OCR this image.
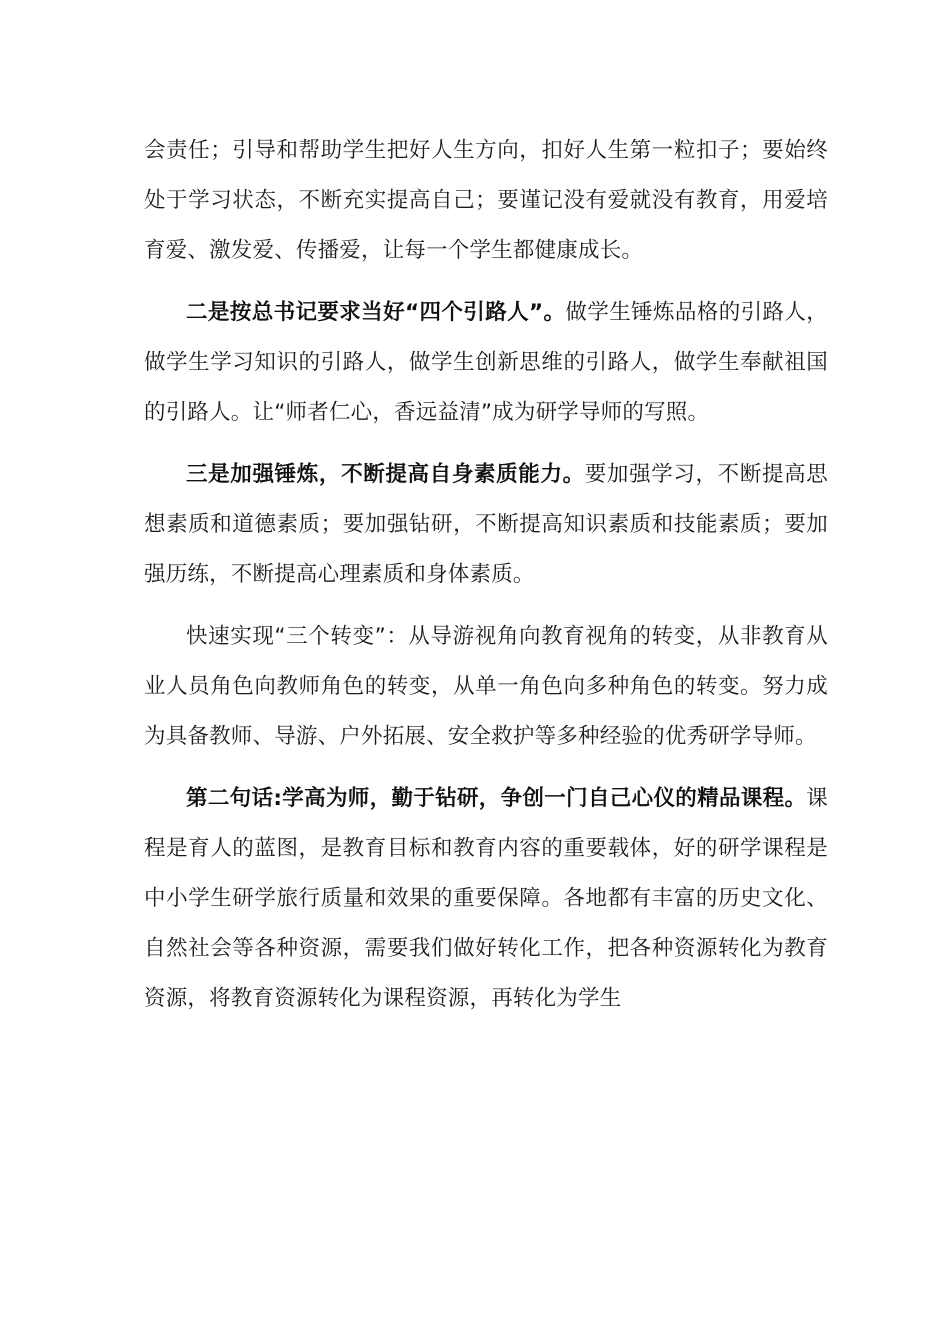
会责任；引导和帮助学生把好人生方向，扣好人生第一粒扣子；要始终处于学习状态，不断充实提高自己；要谨记没有爱就没有教育，用爱培育爱、激发爱、传播爱，让每一个学生都健康成长。

二是按总书记要求当好“四个引路人”。做学生锤炼品格的引路人，做学生学习知识的引路人，做学生创新思维的引路人，做学生奉献祖国的引路人。让“师者仁心，香远益清”成为研学导师的写照。

三是加强锤炼，不断提高自身素质能力。要加强学习，不断提高思想素质和道德素质；要加强钻研，不断提高知识素质和技能素质；要加强历练，不断提高心理素质和身体素质。

快速实现“三个转变”：从导游视角向教育视角的转变，从非教育从业人员角色向教师角色的转变，从单一角色向多种角色的转变。努力成为具备教师、导游、户外拓展、安全救护等多种经验的优秀研学导师。

第二句话:学高为师，勤于钻研，争创一门自己心仪的精品课程。课程是育人的蓝图，是教育目标和教育内容的重要载体，好的研学课程是中小学生研学旅行质量和效果的重要保障。各地都有丰富的历史文化、自然社会等各种资源，需要我们做好转化工作，把各种资源转化为教育资源，将教育资源转化为课程资源，再转化为学生
